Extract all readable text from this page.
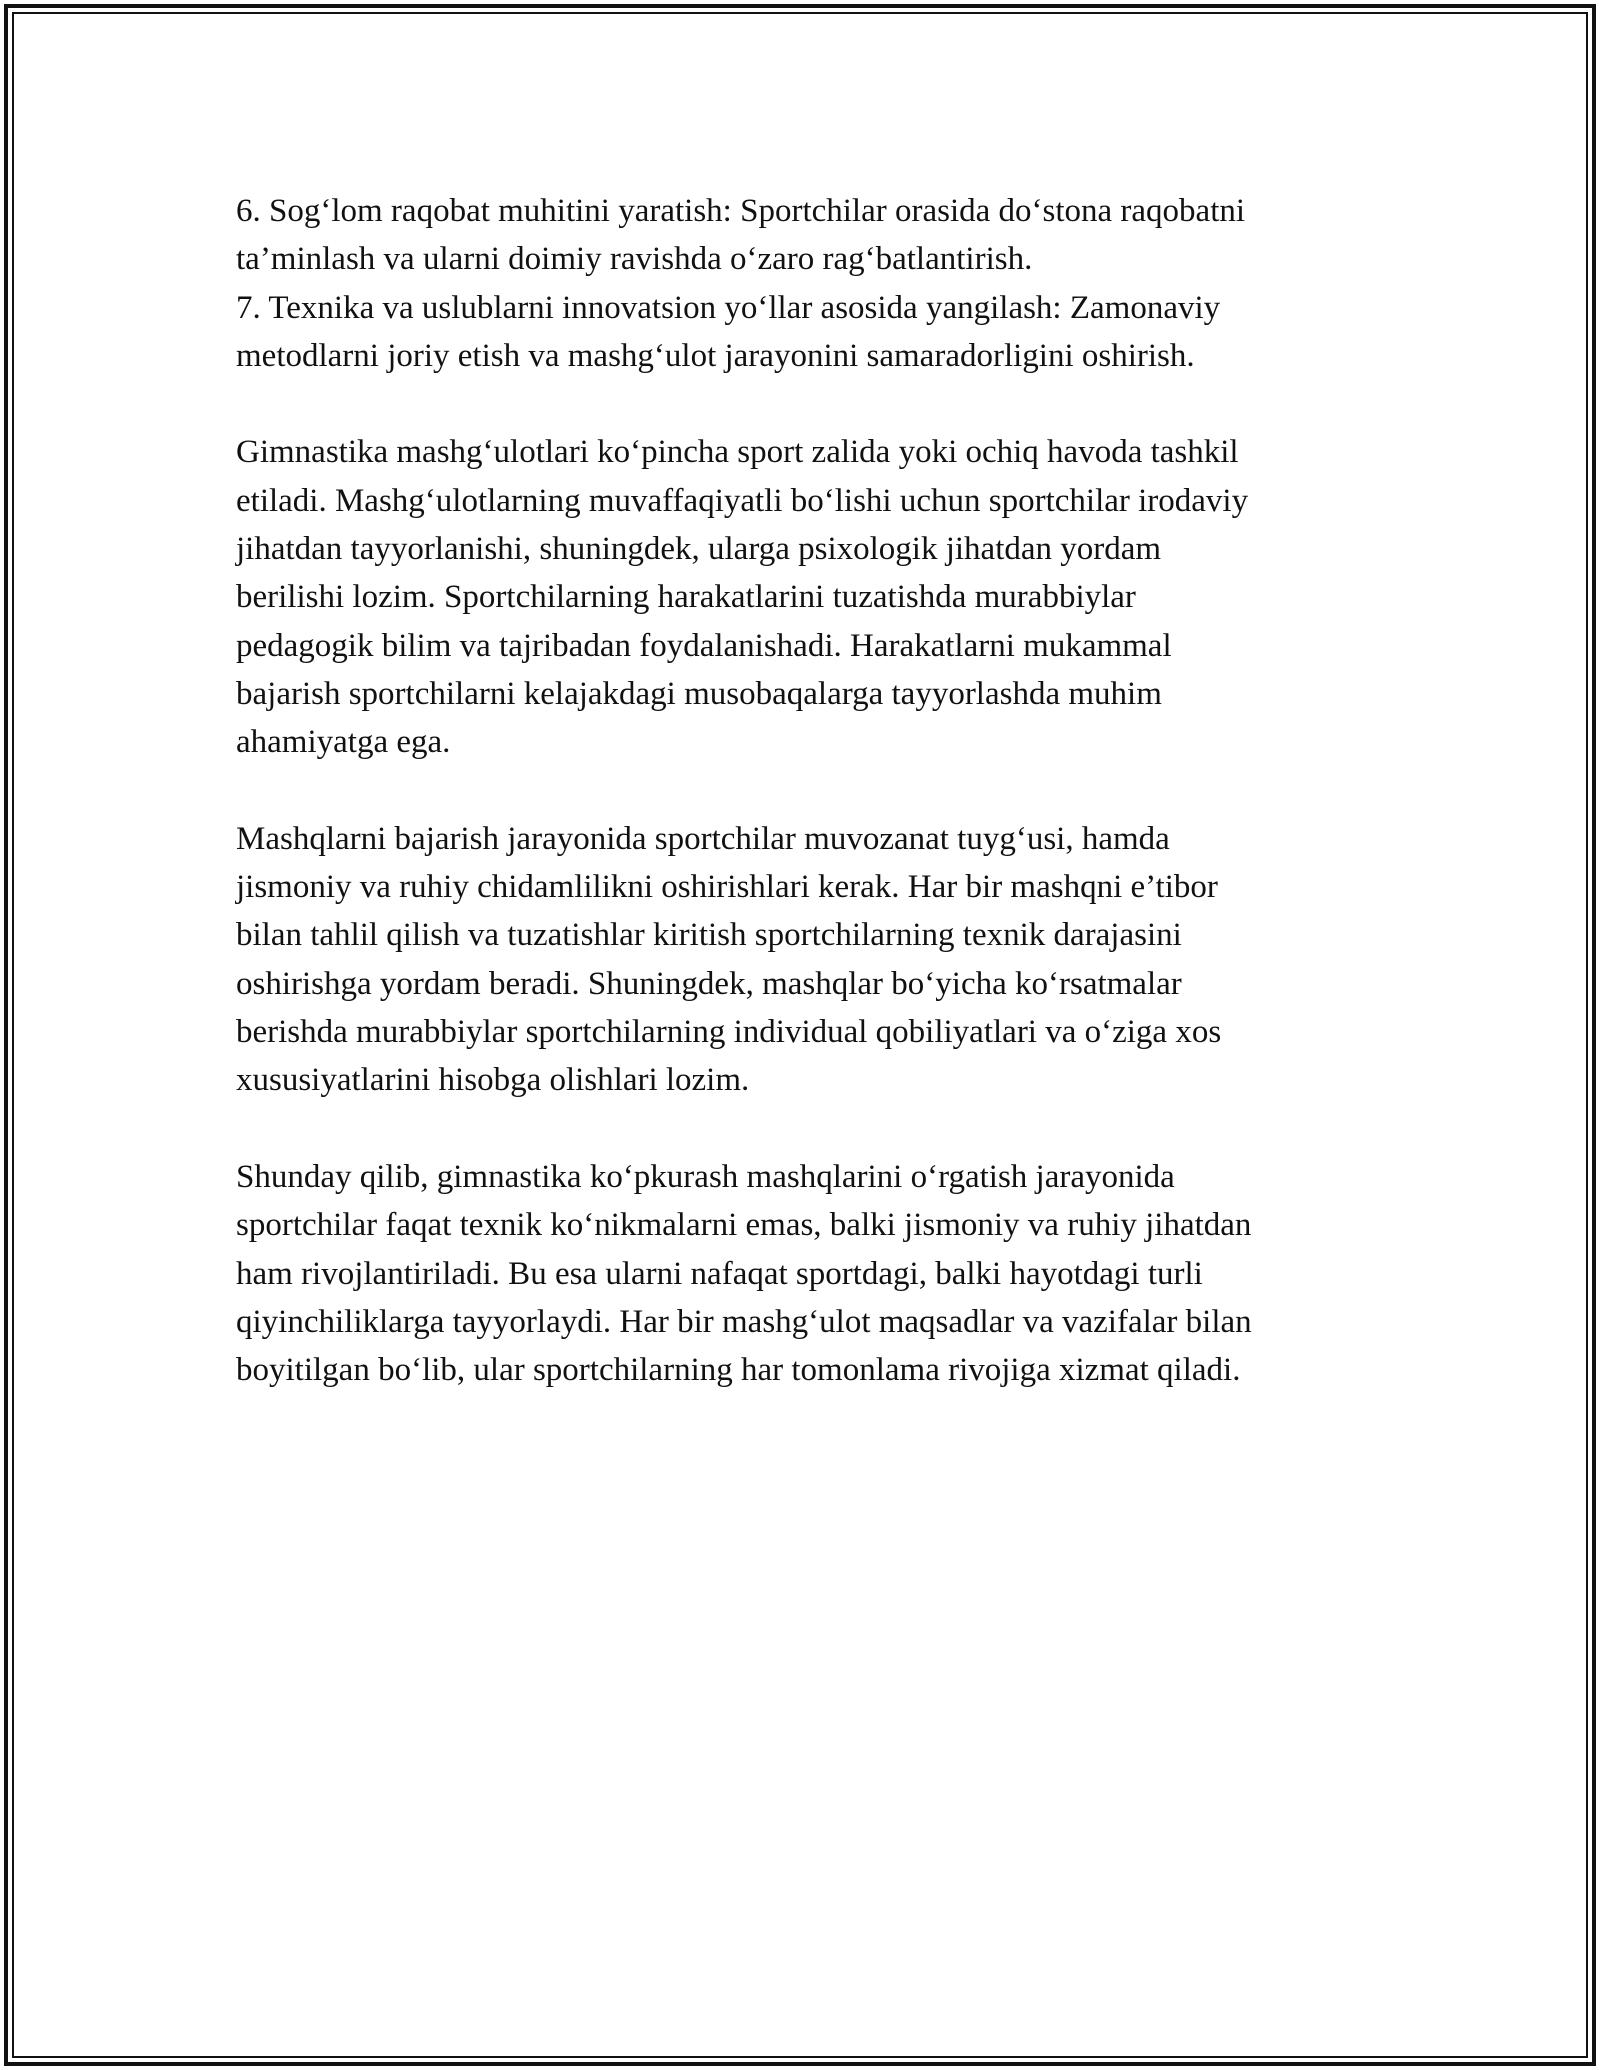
6. Sog‘lom raqobat muhitini yaratish: Sportchilar orasida do‘stona raqobatni
ta’minlash va ularni doimiy ravishda o‘zaro rag‘batlantirish.
7. Texnika va uslublarni innovatsion yo‘llar asosida yangilash: Zamonaviy
metodlarni joriy etish va mashg‘ulot jarayonini samaradorligini oshirish.

Gimnastika mashg‘ulotlari ko‘pincha sport zalida yoki ochiq havoda tashkil
etiladi. Mashg‘ulotlarning muvaffaqiyatli bo‘lishi uchun sportchilar irodaviy
jihatdan tayyorlanishi, shuningdek, ularga psixologik jihatdan yordam
berilishi lozim. Sportchilarning harakatlarini tuzatishda murabbiylar
pedagogik bilim va tajribadan foydalanishadi. Harakatlarni mukammal
bajarish sportchilarni kelajakdagi musobaqalarga tayyorlashda muhim
ahamiyatga ega.

Mashqlarni bajarish jarayonida sportchilar muvozanat tuyg‘usi, hamda
jismoniy va ruhiy chidamlilikni oshirishlari kerak. Har bir mashqni e’tibor
bilan tahlil qilish va tuzatishlar kiritish sportchilarning texnik darajasini
oshirishga yordam beradi. Shuningdek, mashqlar bo‘yicha ko‘rsatmalar
berishda murabbiylar sportchilarning individual qobiliyatlari va o‘ziga xos
xususiyatlarini hisobga olishlari lozim.

Shunday qilib, gimnastika ko‘pkurash mashqlarini o‘rgatish jarayonida
sportchilar faqat texnik ko‘nikmalarni emas, balki jismoniy va ruhiy jihatdan
ham rivojlantiriladi. Bu esa ularni nafaqat sportdagi, balki hayotdagi turli
qiyinchiliklarga tayyorlaydi. Har bir mashg‘ulot maqsadlar va vazifalar bilan
boyitilgan bo‘lib, ular sportchilarning har tomonlama rivojiga xizmat qiladi.
